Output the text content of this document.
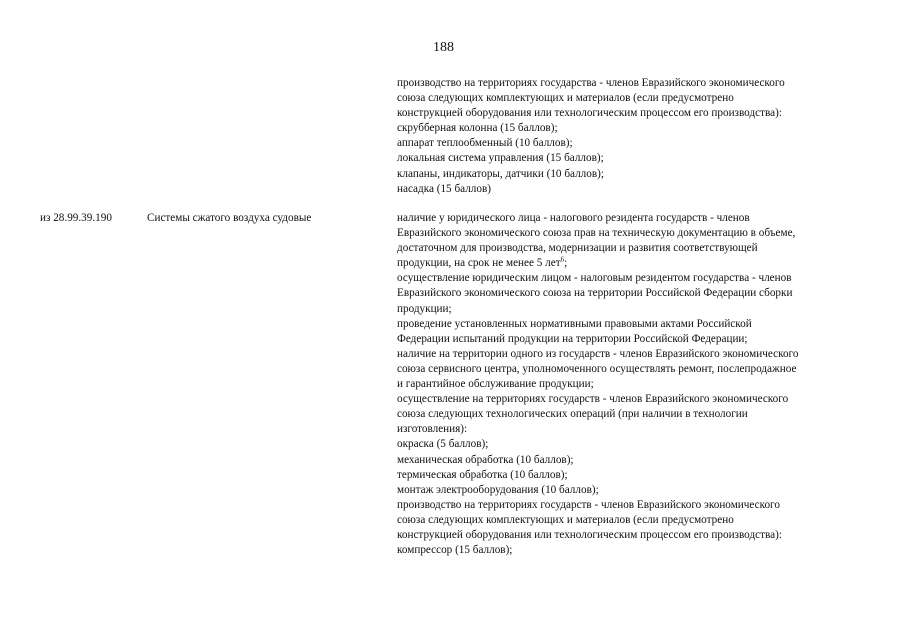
188
производство на территориях государства - членов Евразийского экономического
союза следующих комплектующих и материалов (если предусмотрено
конструкцией оборудования или технологическим процессом его производства):
скрубберная колонна (15 баллов);
аппарат теплообменный (10 баллов);
локальная система управления (15 баллов);
клапаны, индикаторы, датчики (10 баллов);
насадка (15 баллов)
из 28.99.39.190	Системы сжатого воздуха судовые	наличие у юридического лица - налогового резидента государств - членов
Евразийского экономического союза прав на техническую документацию в объеме,
достаточном для производства, модернизации и развития соответствующей
продукции, на срок не менее 5 лет$^6$;
осуществление юридическим лицом - налоговым резидентом государства - членов
Евразийского экономического союза на территории Российской Федерации сборки
продукции;
проведение установленных нормативными правовыми актами Российской
Федерации испытаний продукции на территории Российской Федерации;
наличие на территории одного из государств - членов Евразийского экономического
союза сервисного центра, уполномоченного осуществлять ремонт, послепродажное
и гарантийное обслуживание продукции;
осуществление на территориях государств - членов Евразийского экономического
союза следующих технологических операций (при наличии в технологии
изготовления):
окраска (5 баллов);
механическая обработка (10 баллов);
термическая обработка (10 баллов);
монтаж электрооборудования (10 баллов);
производство на территориях государств - членов Евразийского экономического
союза следующих комплектующих и материалов (если предусмотрено
конструкцией оборудования или технологическим процессом его производства):
компрессор (15 баллов);
